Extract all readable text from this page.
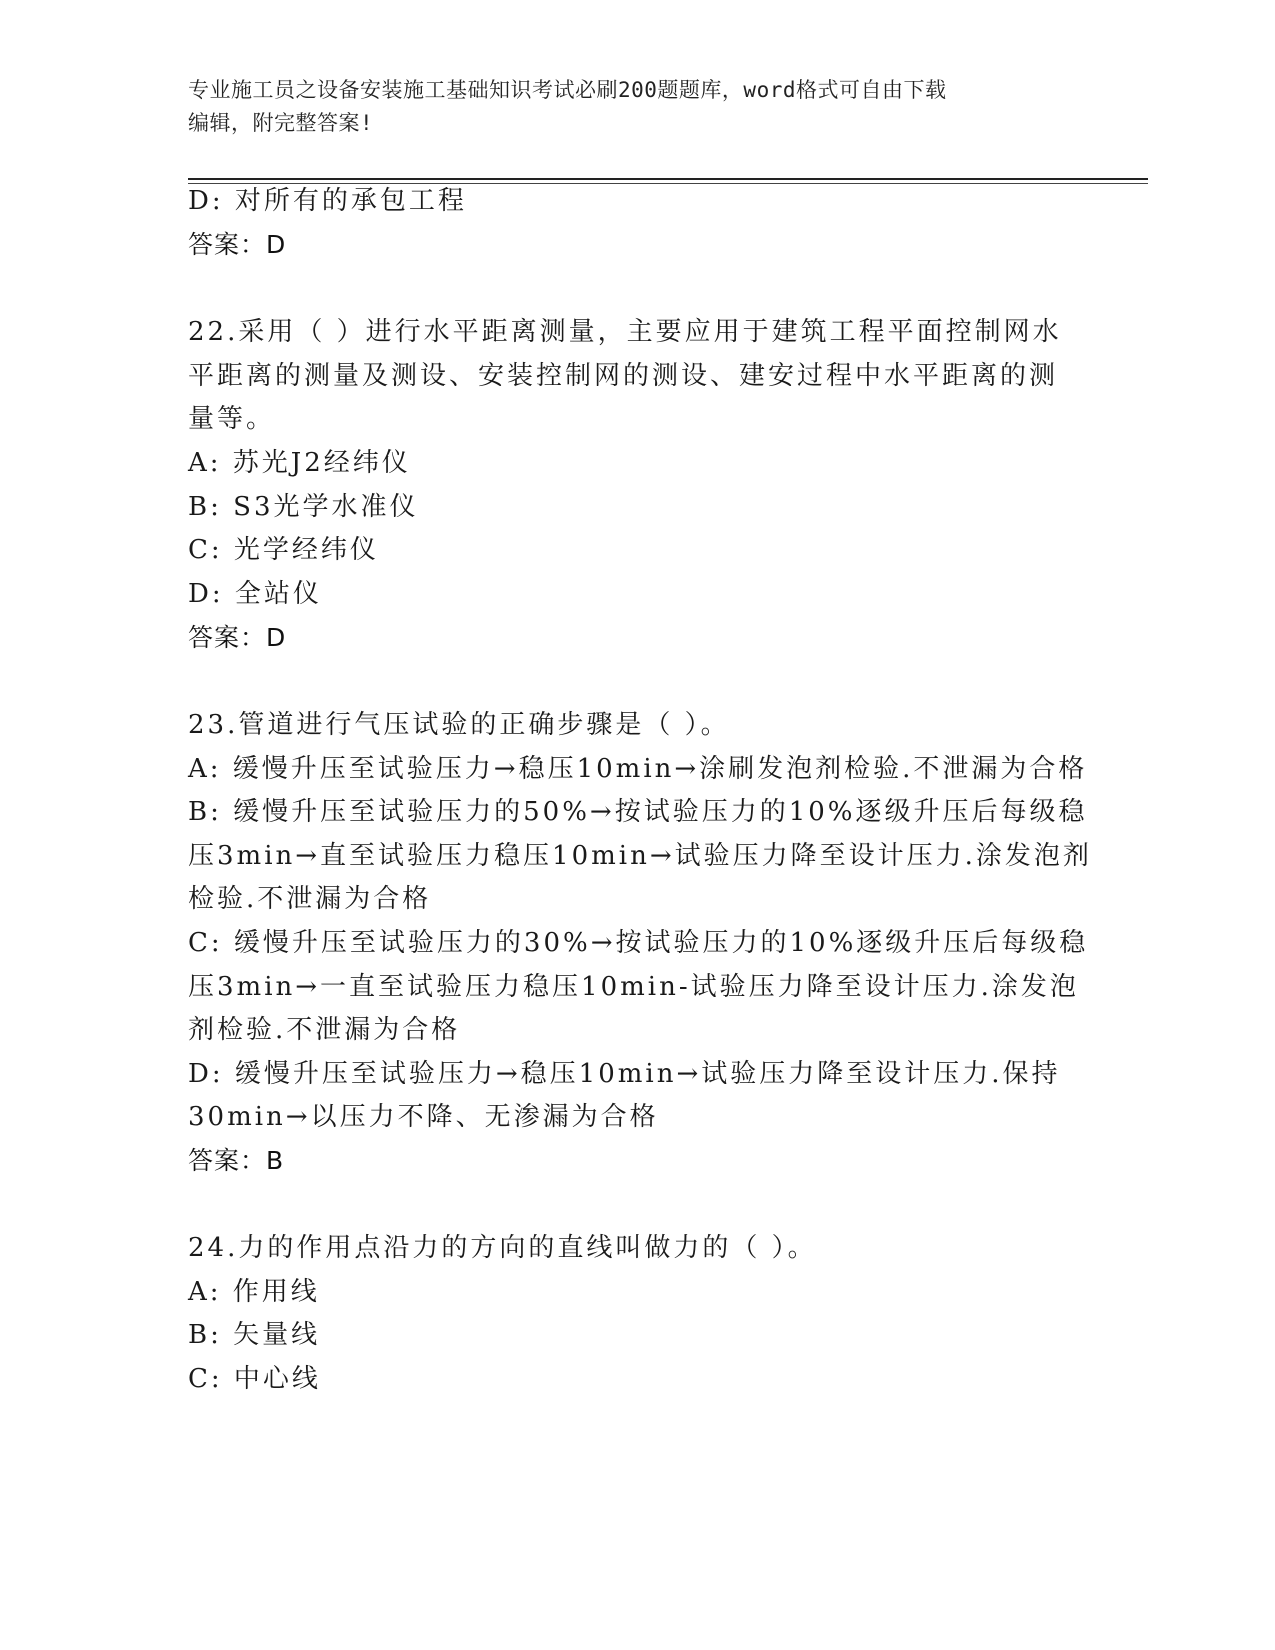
专业施工员之设备安装施工基础知识考试必刷200题题库，word格式可自由下载
编辑，附完整答案!
D: 对所有的承包工程
答案：D
22.采用（ ）进行水平距离测量，主要应用于建筑工程平面控制网水
平距离的测量及测设、安装控制网的测设、建安过程中水平距离的测
量等。
A: 苏光J2经纬仪
B: S3光学水准仪
C: 光学经纬仪
D: 全站仪
答案：D
23.管道进行气压试验的正确步骤是（ ）。
A: 缓慢升压至试验压力→稳压10min→涂刷发泡剂检验.不泄漏为合格
B: 缓慢升压至试验压力的50%→按试验压力的10%逐级升压后每级稳
压3min→直至试验压力稳压10min→试验压力降至设计压力.涂发泡剂
检验.不泄漏为合格
C: 缓慢升压至试验压力的30%→按试验压力的10%逐级升压后每级稳
压3min→一直至试验压力稳压10min-试验压力降至设计压力.涂发泡
剂检验.不泄漏为合格
D: 缓慢升压至试验压力→稳压10min→试验压力降至设计压力.保持
30min→以压力不降、无渗漏为合格
答案：B
24.力的作用点沿力的方向的直线叫做力的（ ）。
A: 作用线
B: 矢量线
C: 中心线
